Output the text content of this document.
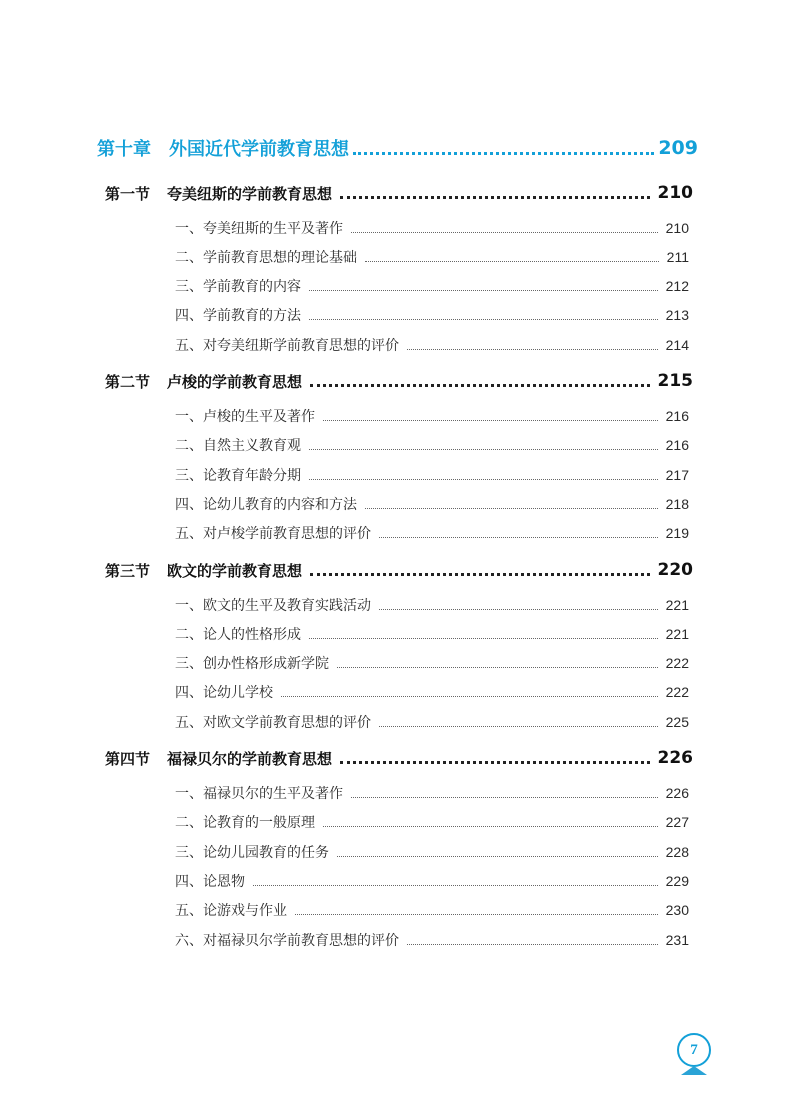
第十章	外国近代学前教育思想	209
第一节	夸美纽斯的学前教育思想	210
一、夸美纽斯的生平及著作	210
二、学前教育思想的理论基础	211
三、学前教育的内容	212
四、学前教育的方法	213
五、对夸美纽斯学前教育思想的评价	214
第二节	卢梭的学前教育思想	215
一、卢梭的生平及著作	216
二、自然主义教育观	216
三、论教育年龄分期	217
四、论幼儿教育的内容和方法	218
五、对卢梭学前教育思想的评价	219
第三节	欧文的学前教育思想	220
一、欧文的生平及教育实践活动	221
二、论人的性格形成	221
三、创办性格形成新学院	222
四、论幼儿学校	222
五、对欧文学前教育思想的评价	225
第四节	福禄贝尔的学前教育思想	226
一、福禄贝尔的生平及著作	226
二、论教育的一般原理	227
三、论幼儿园教育的任务	228
四、论恩物	229
五、论游戏与作业	230
六、对福禄贝尔学前教育思想的评价	231
7
